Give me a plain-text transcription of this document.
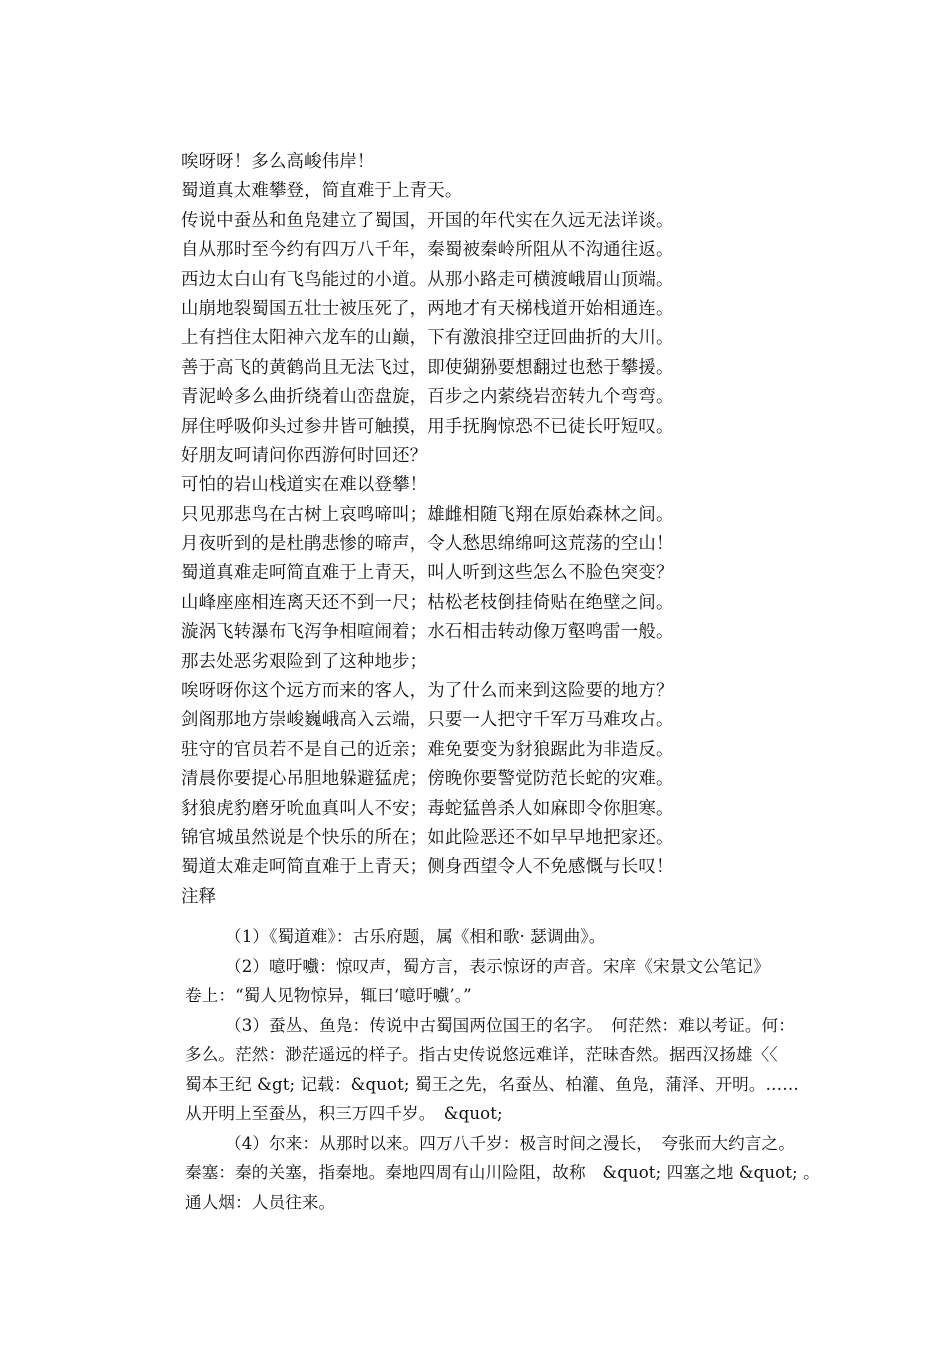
唉呀呀！多么高峻伟岸！
蜀道真太难攀登，简直难于上青天。
传说中蚕丛和鱼凫建立了蜀国，开国的年代实在久远无法详谈。
自从那时至今约有四万八千年，秦蜀被秦岭所阻从不沟通往返。
西边太白山有飞鸟能过的小道。从那小路走可横渡峨眉山顶端。
山崩地裂蜀国五壮士被压死了，两地才有天梯栈道开始相通连。
上有挡住太阳神六龙车的山巅，下有激浪排空迂回曲折的大川。
善于高飞的黄鹤尚且无法飞过，即使猢狲要想翻过也愁于攀援。
青泥岭多么曲折绕着山峦盘旋，百步之内萦绕岩峦转九个弯弯。
屏住呼吸仰头过参井皆可触摸，用手抚胸惊恐不已徒长吁短叹。
好朋友呵请问你西游何时回还？
可怕的岩山栈道实在难以登攀！
只见那悲鸟在古树上哀鸣啼叫；雄雌相随飞翔在原始森林之间。
月夜听到的是杜鹃悲惨的啼声，令人愁思绵绵呵这荒荡的空山！
蜀道真难走呵简直难于上青天，叫人听到这些怎么不脸色突变？
山峰座座相连离天还不到一尺；枯松老枝倒挂倚贴在绝壁之间。
漩涡飞转瀑布飞泻争相喧闹着；水石相击转动像万壑鸣雷一般。
那去处恶劣艰险到了这种地步；
唉呀呀你这个远方而来的客人，为了什么而来到这险要的地方？
剑阁那地方崇峻巍峨高入云端，只要一人把守千军万马难攻占。
驻守的官员若不是自己的近亲；难免要变为豺狼踞此为非造反。
清晨你要提心吊胆地躲避猛虎；傍晚你要警觉防范长蛇的灾难。
豺狼虎豹磨牙吮血真叫人不安；毒蛇猛兽杀人如麻即令你胆寒。
锦官城虽然说是个快乐的所在；如此险恶还不如早早地把家还。
蜀道太难走呵简直难于上青天；侧身西望令人不免感慨与长叹！
注释
（1）《蜀道难》：古乐府题，属《相和歌· 瑟调曲》。
（2）噫吁嚱：惊叹声，蜀方言，表示惊讶的声音。宋庠《宋景文公笔记》
卷上：“蜀人见物惊异，辄曰‘噫吁嚱’。”
（3）蚕丛、鱼凫：传说中古蜀国两位国王的名字。　何茫然：难以考证。何：
多么。茫然：渺茫遥远的样子。指古史传说悠远难详，茫昧杳然。据西汉扬雄〈〈
蜀本王纪 &gt; 记载：&quot; 蜀王之先，名蚕丛、柏灌、鱼凫，蒲泽、开明。……
从开明上至蚕丛，积三万四千岁。　&quot;
（4）尔来：从那时以来。四万八千岁：极言时间之漫长，　夸张而大约言之。
秦塞：秦的关塞，指秦地。秦地四周有山川险阻，故称　&quot; 四塞之地 &quot; 。
通人烟：人员往来。
